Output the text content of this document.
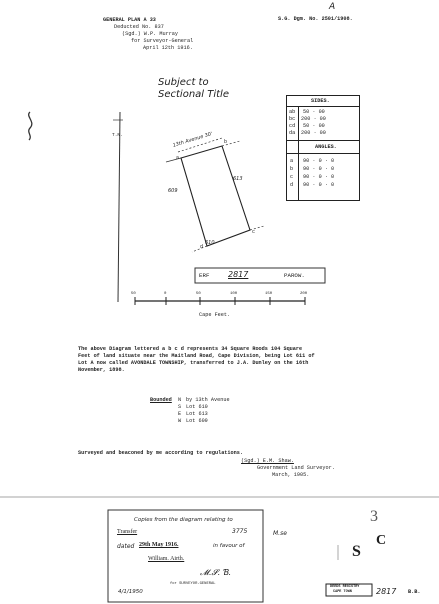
GENERAL PLAN A 33
Deducted No. 837
(Sgd.) W.P. Murray
for Surveyor-General
April 12th 1916.
A
S.G. Dgm. No. 2501/1908.
Subject to
Sectional Title
SIDES.
ab 50 · 00
bc 200 · 00
cd 50 · 00
da 200 · 00
ANGLES.
a 90 · 0 · 0
b 90 · 0 · 0
c 90 · 0 · 0
d 90 · 0 · 0
T.N.	13th Avenue 30'
609
613
610
a
b
c
d
ERF 2817	PAROW.
50	0	50	100	150	200
Cape Feet.
The above Diagram lettered a b c d represents 34 Square Roods 104 Square
Feet of land situate near the Maitland Road, Cape Division, being Lot 611 of
Lot A now called AVONDALE TOWNSHIP, transferred to J.A. Dunley on the 16th
November, 1898.
Bounded N by 13th Avenue
S Lot 610
E Lot 613
W Lot 609
Surveyed and beaconed by me according to regulations.
(Sgd.) E.M. Shaw.
Government Land Surveyor.
March, 1905.
Copies from the diagram relating to
Transfer	3775
dated 29th May 1916.	in favour of
William. Airth.
𝓜.𝓢. Ɓ.
for SURVEYOR-GENERAL
4/1/1950
M.se
3
C
S
DEEDS REGISTRY
CAPE TOWN	2817 B.B.
